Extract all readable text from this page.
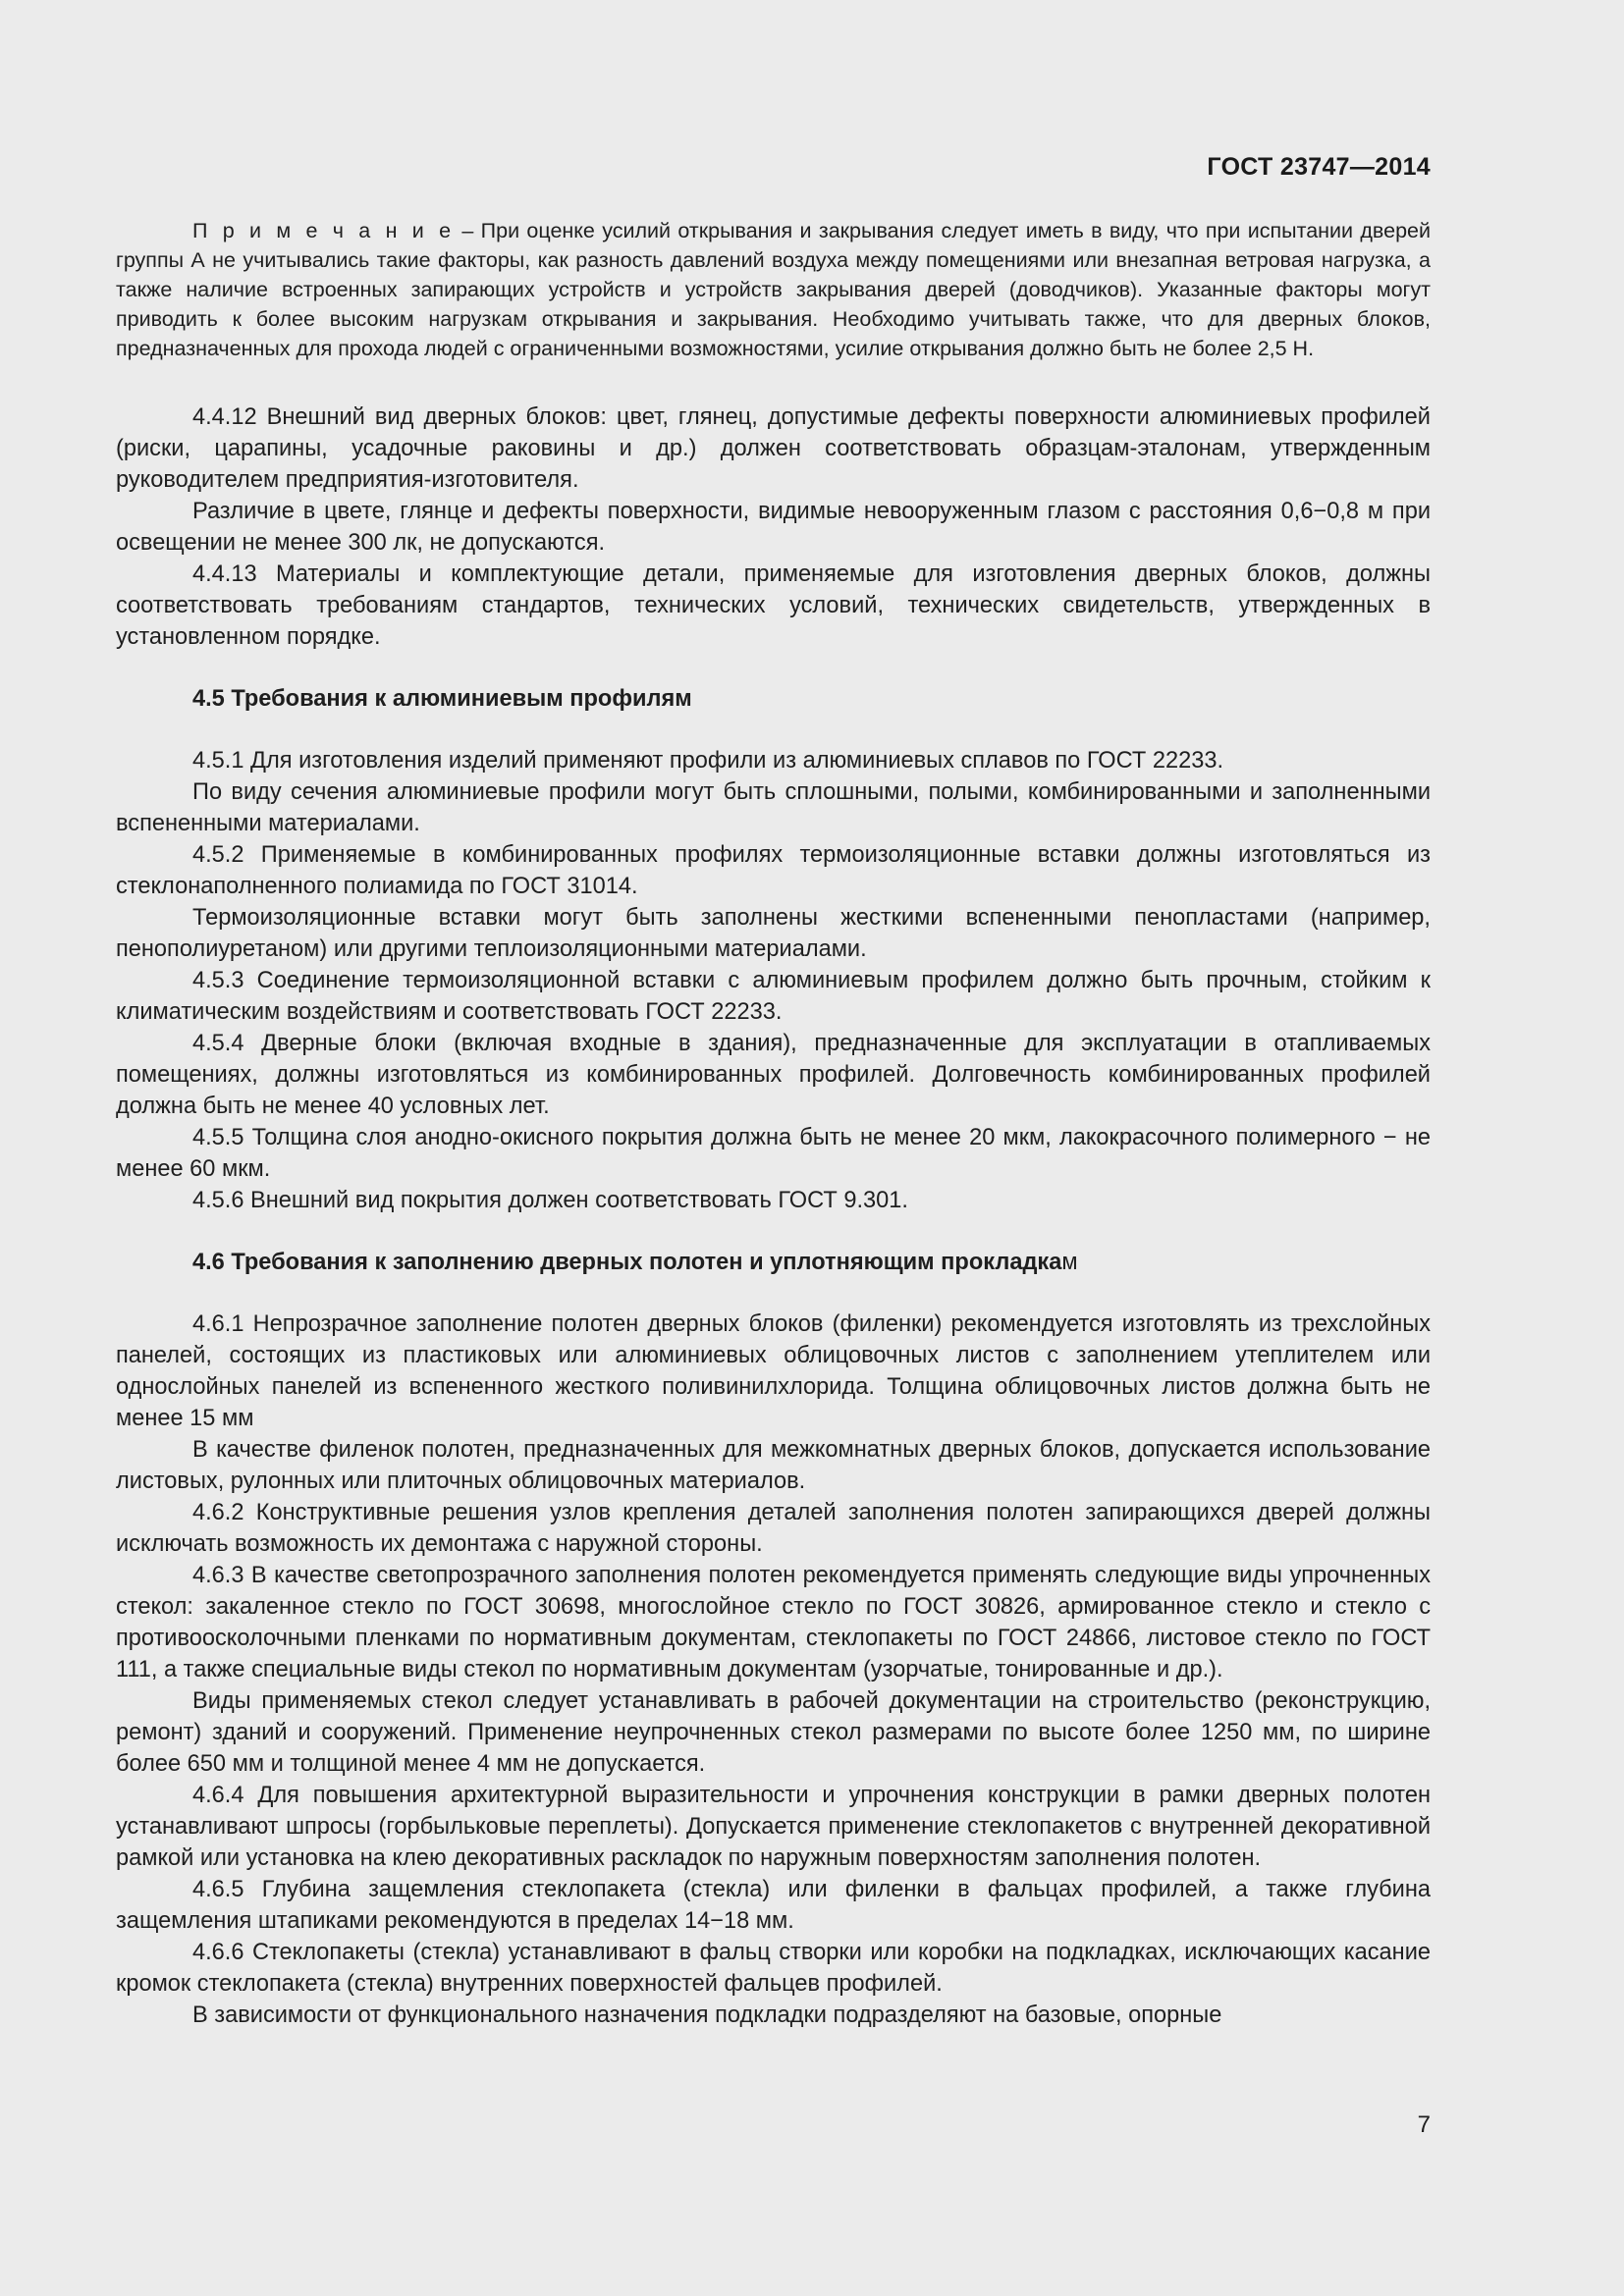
ГОСТ 23747—2014

П р и м е ч а н и е – При оценке усилий открывания и закрывания следует иметь в виду, что при испытании дверей группы А не учитывались такие факторы, как разность давлений воздуха между помещениями или внезапная ветровая нагрузка, а также наличие встроенных запирающих устройств и устройств закрывания дверей (доводчиков). Указанные факторы могут приводить к более высоким нагрузкам открывания и закрывания. Необходимо учитывать также, что для дверных блоков, предназначенных для прохода людей с ограниченными возможностями, усилие открывания должно быть не более 2,5 Н.

4.4.12 Внешний вид дверных блоков: цвет, глянец, допустимые дефекты поверхности алюминиевых профилей (риски, царапины, усадочные раковины и др.) должен соответствовать образцам-эталонам, утвержденным руководителем предприятия-изготовителя.

Различие в цвете, глянце и дефекты поверхности, видимые невооруженным глазом с расстояния 0,6−0,8 м при освещении не менее 300 лк, не допускаются.

4.4.13 Материалы и комплектующие детали, применяемые для изготовления дверных блоков, должны соответствовать требованиям стандартов, технических условий, технических свидетельств, утвержденных в установленном порядке.

4.5 Требования к алюминиевым профилям

4.5.1 Для изготовления изделий применяют профили из алюминиевых сплавов по ГОСТ 22233.

По виду сечения алюминиевые профили могут быть сплошными, полыми, комбинированными и заполненными вспененными материалами.

4.5.2 Применяемые в комбинированных профилях термоизоляционные вставки должны изготовляться из стеклонаполненного полиамида по ГОСТ 31014.

Термоизоляционные вставки могут быть заполнены жесткими вспененными пенопластами (например, пенополиуретаном) или другими теплоизоляционными материалами.

4.5.3 Соединение термоизоляционной вставки с алюминиевым профилем должно быть прочным, стойким к климатическим воздействиям и соответствовать ГОСТ 22233.

4.5.4 Дверные блоки (включая входные в здания), предназначенные для эксплуатации в отапливаемых помещениях, должны изготовляться из комбинированных профилей. Долговечность комбинированных профилей должна быть не менее 40 условных лет.

4.5.5 Толщина слоя анодно-окисного покрытия должна быть не менее 20 мкм, лакокрасочного полимерного − не менее 60 мкм.

4.5.6 Внешний вид покрытия должен соответствовать ГОСТ 9.301.

4.6 Требования к заполнению дверных полотен и уплотняющим прокладкам

4.6.1 Непрозрачное заполнение полотен дверных блоков (филенки) рекомендуется изготовлять из трехслойных панелей, состоящих из пластиковых или алюминиевых облицовочных листов с заполнением утеплителем или однослойных панелей из вспененного жесткого поливинилхлорида. Толщина облицовочных листов должна быть не менее 15 мм

В качестве филенок полотен, предназначенных для межкомнатных дверных блоков, допускается использование листовых, рулонных или плиточных облицовочных материалов.

4.6.2 Конструктивные решения узлов крепления деталей заполнения полотен запирающихся дверей должны исключать возможность их демонтажа с наружной стороны.

4.6.3 В качестве светопрозрачного заполнения полотен рекомендуется применять следующие виды упрочненных стекол: закаленное стекло по ГОСТ 30698, многослойное стекло по ГОСТ 30826, армированное стекло и стекло с противоосколочными пленками по нормативным документам, стеклопакеты по ГОСТ 24866, листовое стекло по ГОСТ 111, а также специальные виды стекол по нормативным документам (узорчатые, тонированные и др.).

Виды применяемых стекол следует устанавливать в рабочей документации на строительство (реконструкцию, ремонт) зданий и сооружений. Применение неупрочненных стекол размерами по высоте более 1250 мм, по ширине более 650 мм и толщиной менее 4 мм не допускается.

4.6.4 Для повышения архитектурной выразительности и упрочнения конструкции в рамки дверных полотен устанавливают шпросы (горбыльковые переплеты). Допускается применение стеклопакетов с внутренней декоративной рамкой или установка на клею декоративных раскладок по наружным поверхностям заполнения полотен.

4.6.5 Глубина защемления стеклопакета (стекла) или филенки в фальцах профилей, а также глубина защемления штапиками рекомендуются в пределах 14−18 мм.

4.6.6 Стеклопакеты (стекла) устанавливают в фальц створки или коробки на подкладках, исключающих касание кромок стеклопакета (стекла) внутренних поверхностей фальцев профилей.

В зависимости от функционального назначения подкладки подразделяют на базовые, опорные

7
